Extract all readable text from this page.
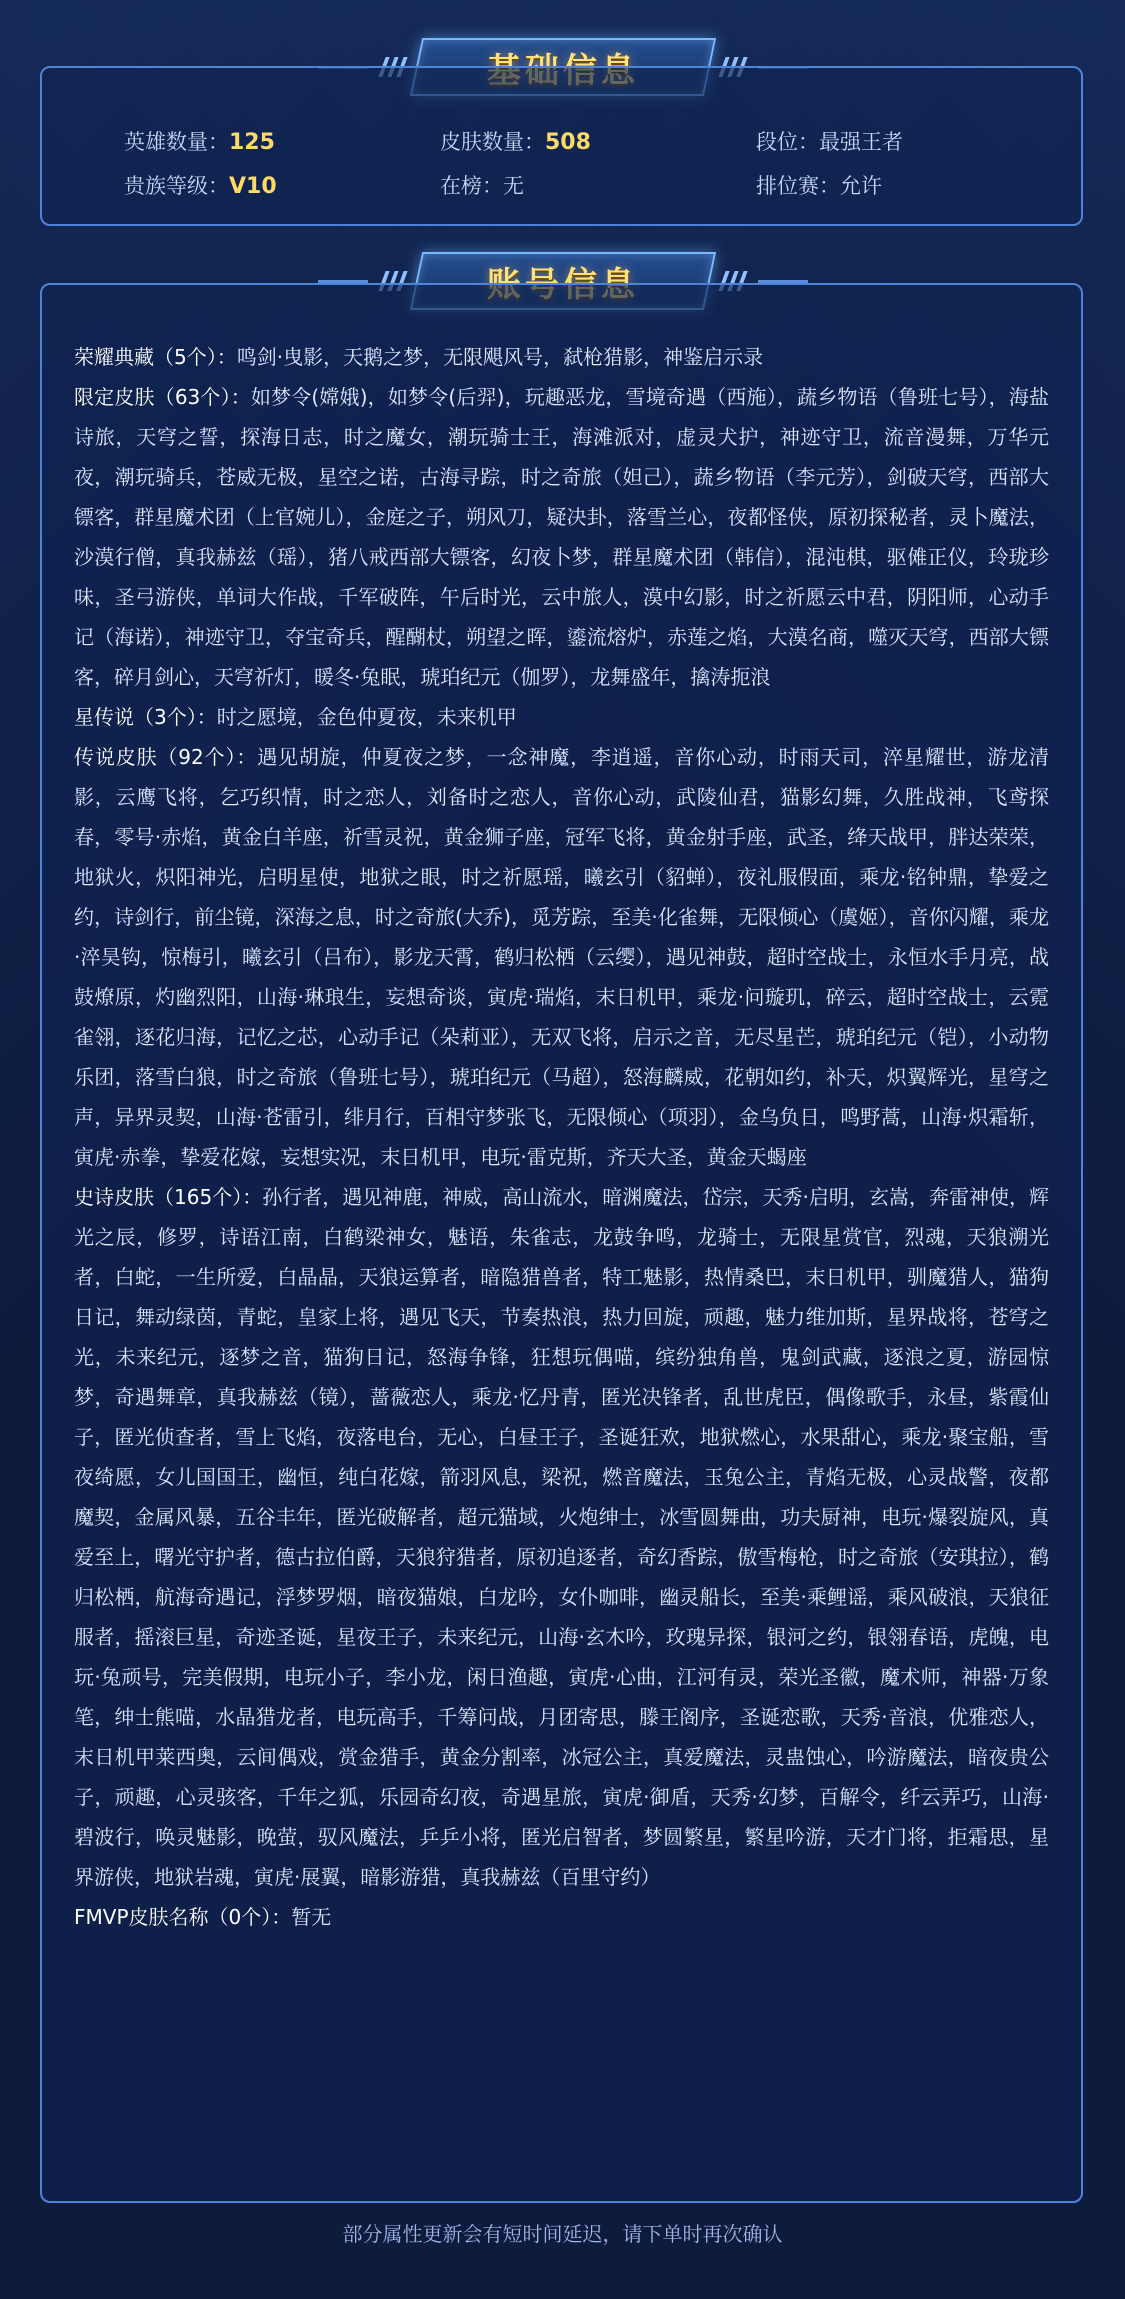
英雄数量：125	皮肤数量：508	段位：最强王者
贵族等级：V10	在榜：无	排位赛：允许

荣耀典藏（5个）：鸣剑·曳影，天鹅之梦，无限飓风号，弑枪猎影，神鉴启示录

限定皮肤（63个）：如梦令(嫦娥)，如梦令(后羿)，玩趣恶龙，雪境奇遇（西施），蔬乡物语（鲁班七号），海盐诗旅，天穹之誓，探海日志，时之魔女，潮玩骑士王，海滩派对，虚灵犬护，神迹守卫，流音漫舞，万华元夜，潮玩骑兵，苍威无极，星空之诺，古海寻踪，时之奇旅（妲己），蔬乡物语（李元芳），剑破天穹，西部大镖客，群星魔术团（上官婉儿），金庭之子，朔风刀，疑决卦，落雪兰心，夜都怪侠，原初探秘者，灵卜魔法，沙漠行僧，真我赫兹（瑶），猪八戒西部大镖客，幻夜卜梦，群星魔术团（韩信），混沌棋，驱傩正仪，玲珑珍味，圣弓游侠，单词大作战，千军破阵，午后时光，云中旅人，漠中幻影，时之祈愿云中君，阴阳师，心动手记（海诺），神迹守卫，夺宝奇兵，醒醐杖，朔望之晖，鎏流熔炉，赤莲之焰，大漠名商，噬灭天穹，西部大镖客，碎月剑心，天穹祈灯，暖冬·兔眠，琥珀纪元（伽罗），龙舞盛年，擒涛扼浪

星传说（3个）：时之愿境，金色仲夏夜，未来机甲

传说皮肤（92个）：遇见胡旋，仲夏夜之梦，一念神魔，李逍遥，音你心动，时雨天司，淬星耀世，游龙清影，云鹰飞将，乞巧织情，时之恋人，刘备时之恋人，音你心动，武陵仙君，猫影幻舞，久胜战神，飞鸢探春，零号·赤焰，黄金白羊座，祈雪灵祝，黄金狮子座，冠军飞将，黄金射手座，武圣，绛天战甲，胖达荣荣，地狱火，炽阳神光，启明星使，地狱之眼，时之祈愿瑶，曦玄引（貂蝉），夜礼服假面，乘龙·铭钟鼎，挚爱之约，诗剑行，前尘镜，深海之息，时之奇旅(大乔)，觅芳踪，至美·化雀舞，无限倾心（虞姬），音你闪耀，乘龙·淬昊钩，惊梅引，曦玄引（吕布），影龙天霄，鹤归松栖（云缨），遇见神鼓，超时空战士，永恒水手月亮，战鼓燎原，灼幽烈阳，山海·琳琅生，妄想奇谈，寅虎·瑞焰，末日机甲，乘龙·问璇玑，碎云，超时空战士，云霓雀翎，逐花归海，记忆之芯，心动手记（朵莉亚），无双飞将，启示之音，无尽星芒，琥珀纪元（铠），小动物乐团，落雪白狼，时之奇旅（鲁班七号），琥珀纪元（马超），怒海麟威，花朝如约，补天，炽翼辉光，星穹之声，异界灵契，山海·苍雷引，绯月行，百相守梦张飞，无限倾心（项羽），金乌负日，鸣野蒿，山海·炽霜斩，寅虎·赤拳，挚爱花嫁，妄想实况，末日机甲，电玩·雷克斯，齐天大圣，黄金天蝎座

史诗皮肤（165个）：孙行者，遇见神鹿，神威，高山流水，暗渊魔法，岱宗，天秀·启明，玄嵩，奔雷神使，辉光之辰，修罗，诗语江南，白鹤梁神女，魅语，朱雀志，龙鼓争鸣，龙骑士，无限星赏官，烈魂，天狼溯光者，白蛇，一生所爱，白晶晶，天狼运算者，暗隐猎兽者，特工魅影，热情桑巴，末日机甲，驯魔猎人，猫狗日记，舞动绿茵，青蛇，皇家上将，遇见飞天，节奏热浪，热力回旋，顽趣，魅力维加斯，星界战将，苍穹之光，未来纪元，逐梦之音，猫狗日记，怒海争锋，狂想玩偶喵，缤纷独角兽，鬼剑武藏，逐浪之夏，游园惊梦，奇遇舞章，真我赫兹（镜），蔷薇恋人，乘龙·忆丹青，匿光决锋者，乱世虎臣，偶像歌手，永昼，紫霞仙子，匿光侦查者，雪上飞焰，夜落电台，无心，白昼王子，圣诞狂欢，地狱燃心，水果甜心，乘龙·聚宝船，雪夜绮愿，女儿国国王，幽恒，纯白花嫁，箭羽风息，梁祝，燃音魔法，玉兔公主，青焰无极，心灵战警，夜都魔契，金属风暴，五谷丰年，匿光破解者，超元猫域，火炮绅士，冰雪圆舞曲，功夫厨神，电玩·爆裂旋风，真爱至上，曙光守护者，德古拉伯爵，天狼狩猎者，原初追逐者，奇幻香踪，傲雪梅枪，时之奇旅（安琪拉），鹤归松栖，航海奇遇记，浮梦罗烟，暗夜猫娘，白龙吟，女仆咖啡，幽灵船长，至美·乘鲤谣，乘风破浪，天狼征服者，摇滚巨星，奇迹圣诞，星夜王子，未来纪元，山海·玄木吟，玫瑰异探，银河之约，银翎春语，虎魄，电玩·兔顽号，完美假期，电玩小子，李小龙，闲日渔趣，寅虎·心曲，江河有灵，荣光圣徽，魔术师，神器·万象笔，绅士熊喵，水晶猎龙者，电玩高手，千筹问战，月团寄思，滕王阁序，圣诞恋歌，天秀·音浪，优雅恋人，末日机甲莱西奥，云间偶戏，赏金猎手，黄金分割率，冰冠公主，真爱魔法，灵蛊蚀心，吟游魔法，暗夜贵公子，顽趣，心灵骇客，千年之狐，乐园奇幻夜，奇遇星旅，寅虎·御盾，天秀·幻梦，百解令，纤云弄巧，山海·碧波行，唤灵魅影，晚萤，驭风魔法，乒乒小将，匿光启智者，梦圆繁星，繁星吟游，天才门将，拒霜思，星界游侠，地狱岩魂，寅虎·展翼，暗影游猎，真我赫兹（百里守约）

FMVP皮肤名称（0个）：暂无

部分属性更新会有短时间延迟，请下单时再次确认
